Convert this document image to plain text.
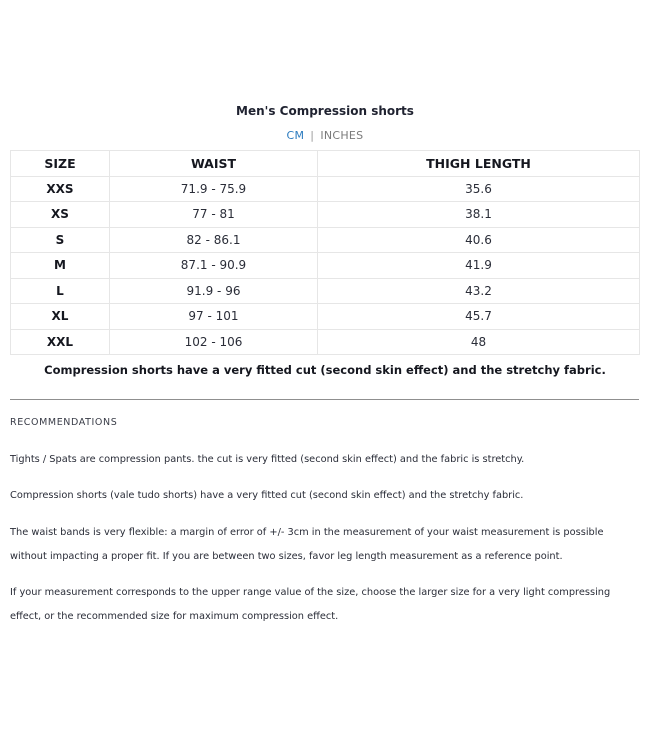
Men's Compression shorts
CM | INCHES
SIZE	WAIST	THIGH LENGTH
XXS	71.9 - 75.9	35.6
XS	77 - 81	38.1
S	82 - 86.1	40.6
M	87.1 - 90.9	41.9
L	91.9 - 96	43.2
XL	97 - 101	45.7
XXL	102 - 106	48
Compression shorts have a very fitted cut (second skin effect) and the stretchy fabric.
RECOMMENDATIONS
Tights / Spats are compression pants. the cut is very fitted (second skin effect) and the fabric is stretchy.
Compression shorts (vale tudo shorts) have a very fitted cut (second skin effect) and the stretchy fabric.
The waist bands is very flexible: a margin of error of +/- 3cm in the measurement of your waist measurement is possible without impacting a proper fit. If you are between two sizes, favor leg length measurement as a reference point.
If your measurement corresponds to the upper range value of the size, choose the larger size for a very light compressing effect, or the recommended size for maximum compression effect.
